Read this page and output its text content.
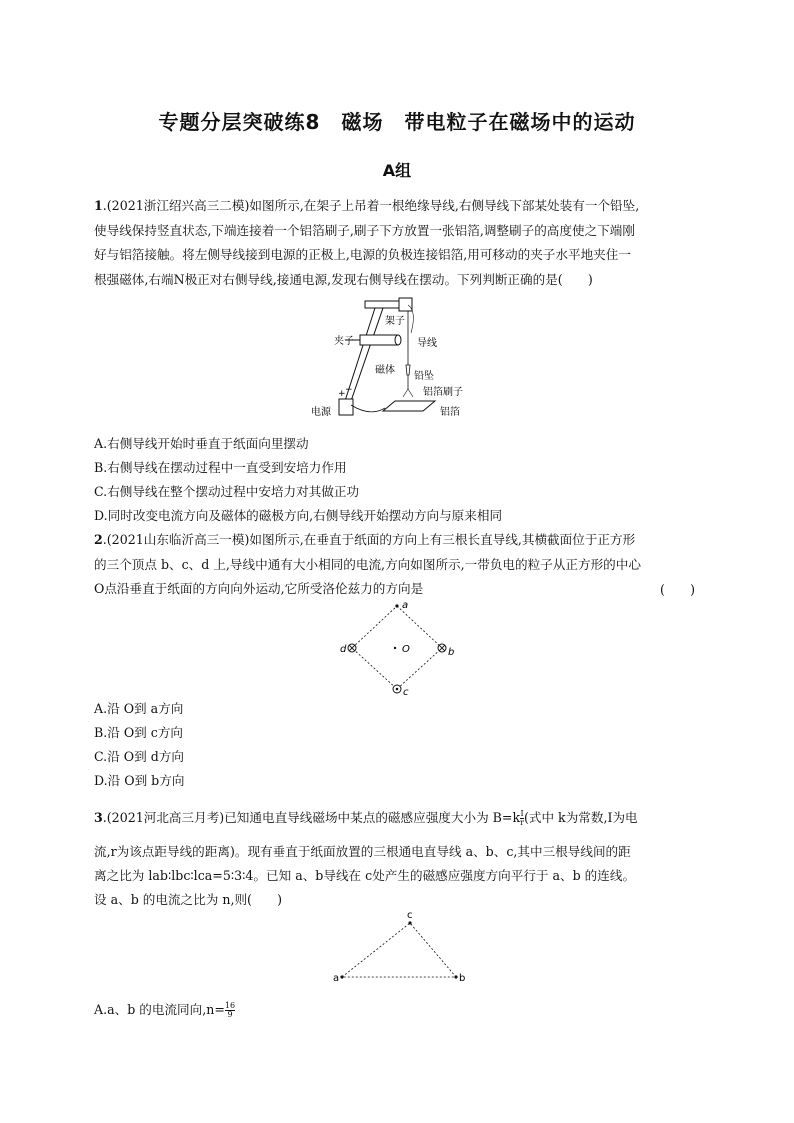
专题分层突破练8　磁场　带电粒子在磁场中的运动
A组
1.(2021浙江绍兴高三二模)如图所示,在架子上吊着一根绝缘导线,右侧导线下部某处装有一个铅坠,
使导线保持竖直状态,下端连接着一个铝箔刷子,刷子下方放置一张铝箔,调整刷子的高度使之下端刚
好与铝箔接触。将左侧导线接到电源的正极上,电源的负极连接铝箔,用可移动的夹子水平地夹住一
根强磁体,右端N极正对右侧导线,接通电源,发现右侧导线在摆动。下列判断正确的是(　　)
架子
夹子	导线
磁体
铅坠
铝箔刷子
铝箔
电源
+ −
A.右侧导线开始时垂直于纸面向里摆动
B.右侧导线在摆动过程中一直受到安培力作用
C.右侧导线在整个摆动过程中安培力对其做正功
D.同时改变电流方向及磁体的磁极方向,右侧导线开始摆动方向与原来相同
2.(2021山东临沂高三一模)如图所示,在垂直于纸面的方向上有三根长直导线,其横截面位于正方形
的三个顶点 b、c、d 上,导线中通有大小相同的电流,方向如图所示,一带负电的粒子从正方形的中心
O点沿垂直于纸面的方向向外运动,它所受洛伦兹力的方向是	(　　)
a
b
c
d	O
A.沿 O到 a方向
B.沿 O到 c方向
C.沿 O到 d方向
D.沿 O到 b方向
3.(2021河北高三月考)已知通电直导线磁场中某点的磁感应强度大小为 $B=k \frac{I}{r}$ (式中 k为常数,I为电
流,r为该点距导线的距离)。现有垂直于纸面放置的三根通电直导线 a、b、c,其中三根导线间的距
离之比为 lab∶lbc∶lca=5∶3∶4。已知 a、b导线在 c处产生的磁感应强度方向平行于 a、b 的连线。
设 a、b 的电流之比为 n,则(　　)
a
c
b
A.a、b 的电流同向$,n= \frac{16}{9}$
